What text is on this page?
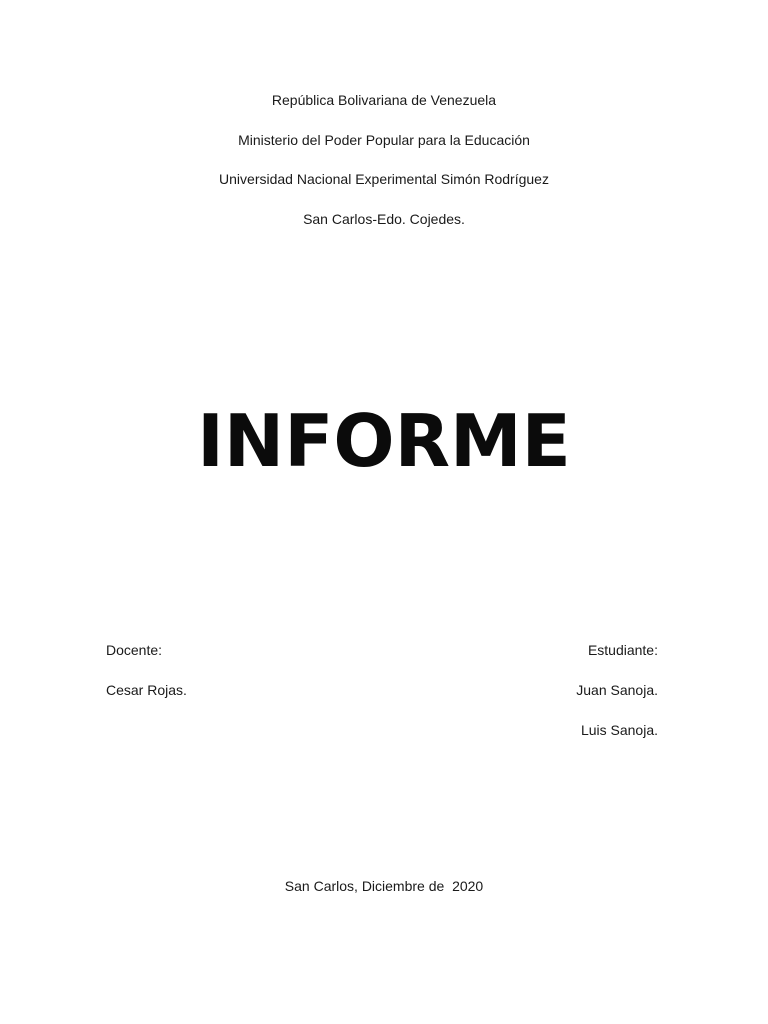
República Bolivariana de Venezuela
Ministerio del Poder Popular para la Educación
Universidad Nacional Experimental Simón Rodríguez
San Carlos-Edo. Cojedes.
INFORME
Docente:
Cesar Rojas.
Estudiante:
Juan Sanoja.
Luis Sanoja.
San Carlos, Diciembre de  2020
